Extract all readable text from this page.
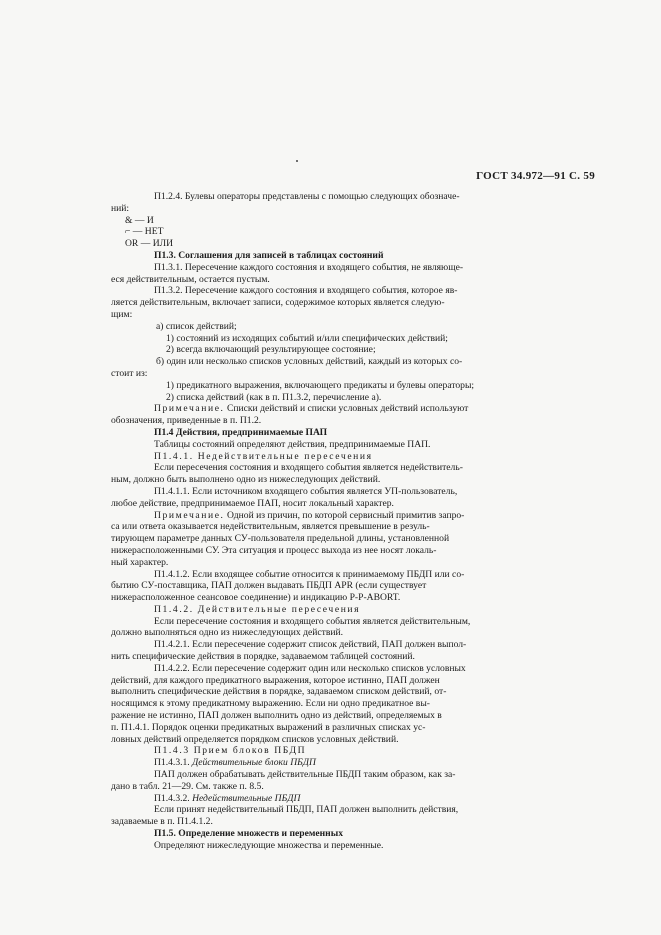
ГОСТ 34.972—91 С. 59

П1.2.4. Булевы операторы представлены с помощью следующих обозначе-

ний:

& — И

⌐ — НЕТ

OR — ИЛИ

П1.3. Соглашения для записей в таблицах состояний

П1.3.1. Пересечение каждого состояния и входящего события, не являюще-

еся действительным, остается пустым.

П1.3.2. Пересечение каждого состояния и входящего события, которое яв-

ляется действительным, включает записи, содержимое которых является следую-

щим:

а) список действий;

1) состояний из исходящих событий и/или специфических действий;

2) всегда включающий результирующее состояние;

б) один или несколько списков условных действий, каждый из которых со-

стоит из:

1) предикатного выражения, включающего предикаты и булевы операторы;

2) списка действий (как в п. П1.3.2, перечисление а).

Примечание. Списки действий и списки условных действий используют

обозначения, приведенные в п. П1.2.

П1.4 Действия, предпринимаемые ПАП

Таблицы состояний определяют действия, предпринимаемые ПАП.

П1.4.1. Недействительные пересечения

Если пересечения состояния и входящего события является недействитель-

ным, должно быть выполнено одно из нижеследующих действий.

П1.4.1.1. Если источником входящего события является УП-пользователь,

любое действие, предпринимаемое ПАП, носит локальный характер.

Примечание. Одной из причин, по которой сервисный примитив запро-

са или ответа оказывается недействительным, является превышение в резуль-

тирующем параметре данных СУ-пользователя предельной длины, установленной

нижерасположенными СУ. Эта ситуация и процесс выхода из нее носят локаль-

ный характер.

П1.4.1.2. Если входящее событие относится к принимаемому ПБДП или со-

бытию СУ-поставщика, ПАП должен выдавать ПБДП АРR (если существует

нижерасположенное сеансовое соединение) и индикацию Р-Р-ABORT.

П1.4.2. Действительные пересечения

Если пересечение состояния и входящего события является действительным,

должно выполняться одно из нижеследующих действий.

П1.4.2.1. Если пересечение содержит список действий, ПАП должен выпол-

нить специфические действия в порядке, задаваемом таблицей состояний.

П1.4.2.2. Если пересечение содержит один или несколько списков условных

действий, для каждого предикатного выражения, которое истинно, ПАП должен

выполнить специфические действия в порядке, задаваемом списком действий, от-

носящимся к этому предикатному выражению. Если ни одно предикатное вы-

ражение не истинно, ПАП должен выполнить одно из действий, определяемых в

п. П1.4.1. Порядок оценки предикатных выражений в различных списках ус-

ловных действий определяется порядком списков условных действий.

П1.4.3 Прием блоков ПБДП

П1.4.3.1. Действительные блоки ПБДП

ПАП должен обрабатывать действительные ПБДП таким образом, как за-

дано в табл. 21—29. См. также п. 8.5.

П1.4.3.2. Недействительные ПБДП

Если принят недействительный ПБДП, ПАП должен выполнить действия,

задаваемые в п. П1.4.1.2.

П1.5. Определение множеств и переменных

Определяют нижеследующие множества и переменные.
